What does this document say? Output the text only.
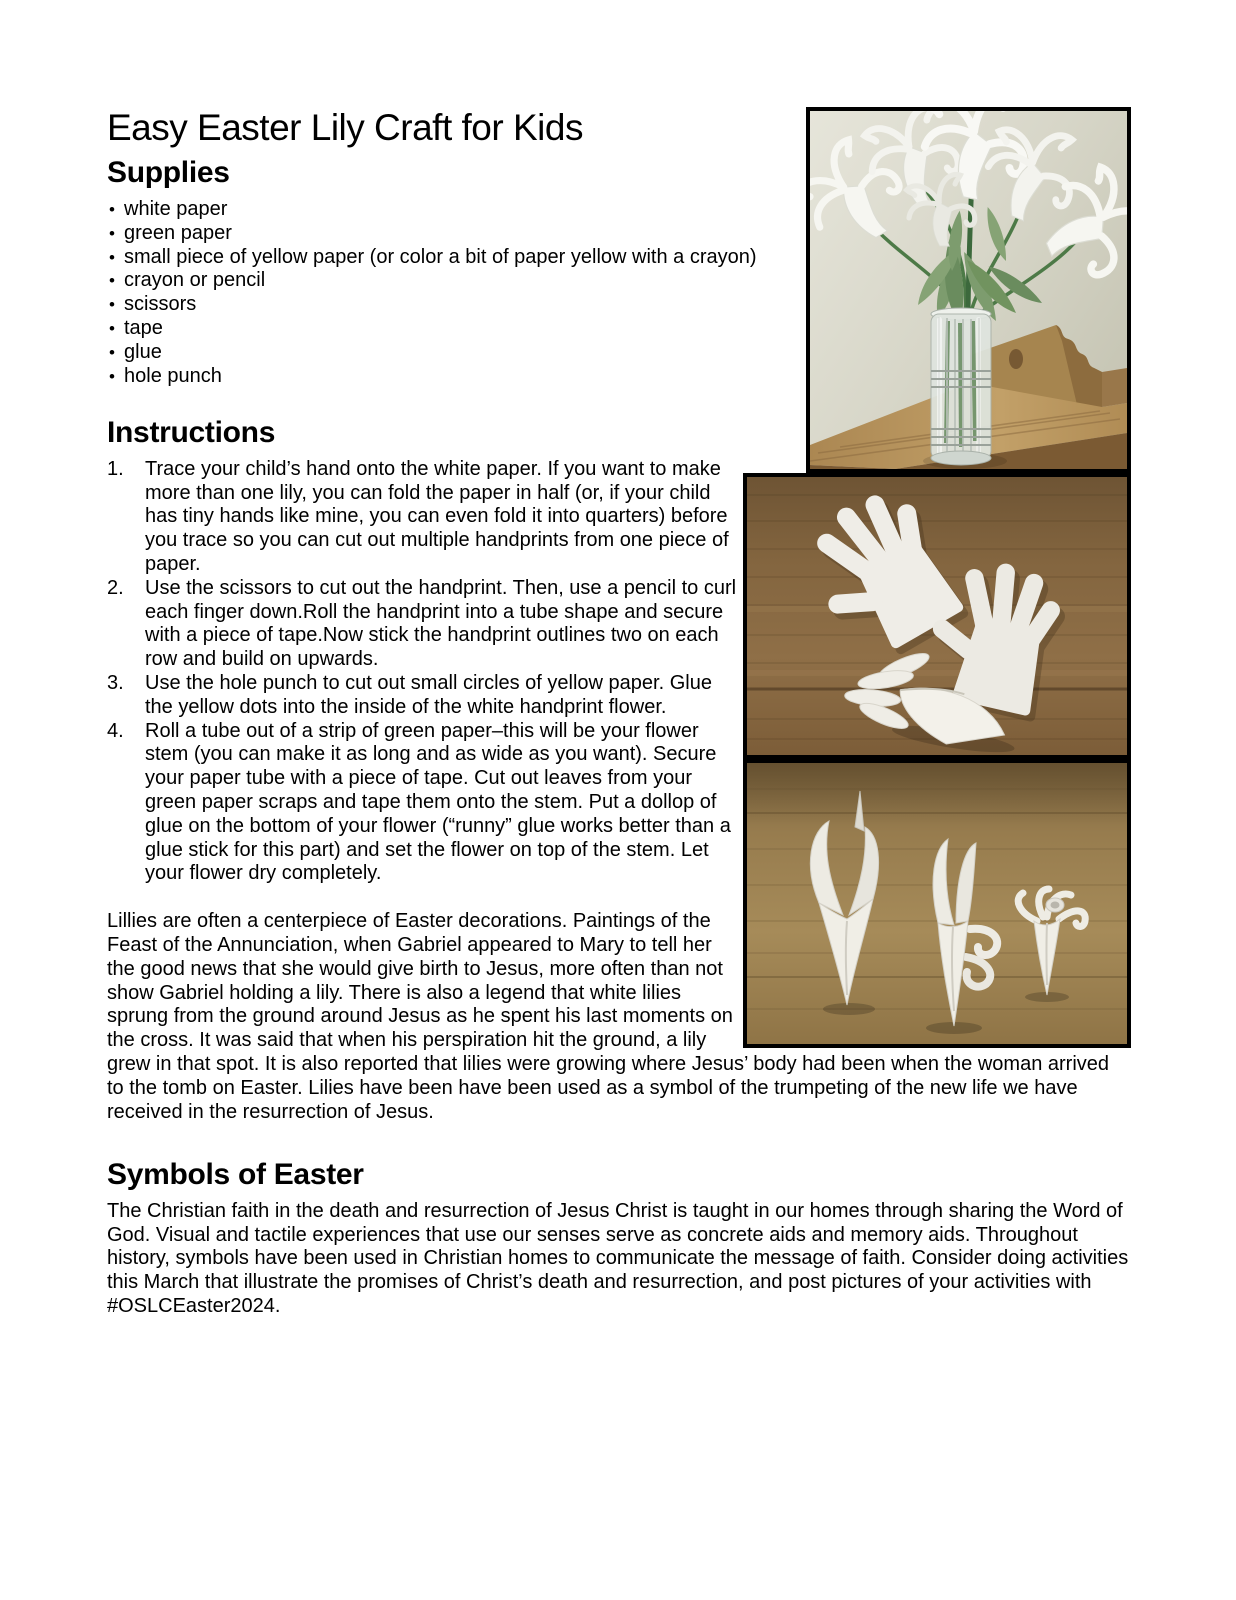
Easy Easter Lily Craft for Kids
Supplies
• white paper
• green paper
• small piece of yellow paper (or color a bit of paper yellow with a crayon)
• crayon or pencil
• scissors
• tape
• glue
• hole punch
Instructions
Trace your child’s hand onto the white paper. If you want to make more than one lily, you can fold the paper in half (or, if your child has tiny hands like mine, you can even fold it into quarters) before you trace so you can cut out multiple handprints from one piece of paper.
Use the scissors to cut out the handprint. Then, use a pencil to curl each finger down.Roll the handprint into a tube shape and secure with a piece of tape.Now stick the handprint outlines two on each row and build on upwards.
Use the hole punch to cut out small circles of yellow paper. Glue the yellow dots into the inside of the white handprint flower.
Roll a tube out of a strip of green paper–this will be your flower stem (you can make it as long and as wide as you want). Secure your paper tube with a piece of tape. Cut out leaves from your green paper scraps and tape them onto the stem. Put a dollop of glue on the bottom of your flower (“runny” glue works better than a glue stick for this part) and set the flower on top of the stem. Let your flower dry completely.

Lillies are often a centerpiece of Easter decorations. Paintings of the Feast of the Annunciation, when Gabriel appeared to Mary to tell her the good news that she would give birth to Jesus, more often than not show Gabriel holding a lily. There is also a legend that white lilies sprung from the ground around Jesus as he spent his last moments on the cross. It was said that when his perspiration hit the ground, a lily grew in that spot. It is also reported that lilies were growing where Jesus’ body had been when the woman arrived to the tomb on Easter. Lilies have been have been used as a symbol of the trumpeting of the new life we have received in the resurrection of Jesus.

Symbols of Easter

The Christian faith in the death and resurrection of Jesus Christ is taught in our homes through sharing the Word of God. Visual and tactile experiences that use our senses serve as concrete aids and memory aids. Throughout history, symbols have been used in Christian homes to communicate the message of faith. Consider doing activities this March that illustrate the promises of Christ’s death and resurrection, and post pictures of your activities with #OSLCEaster2024.
